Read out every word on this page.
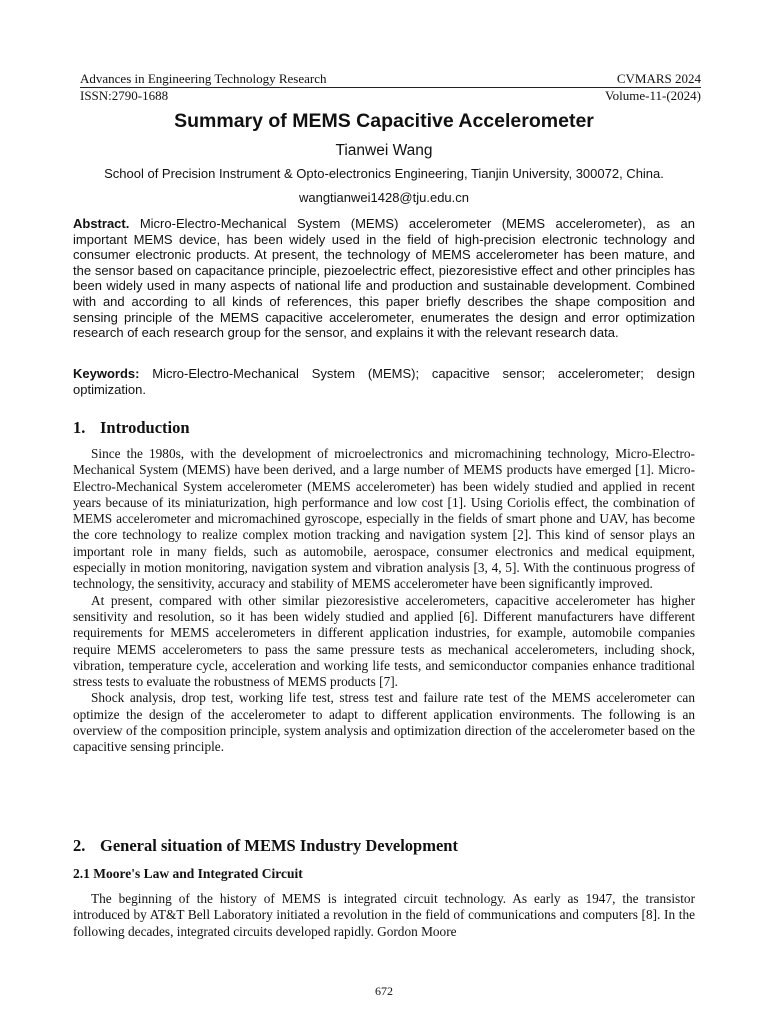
Advances in Engineering Technology Research	CVMARS 2024
ISSN:2790-1688	Volume-11-(2024)
Summary of MEMS Capacitive Accelerometer
Tianwei Wang
School of Precision Instrument & Opto-electronics Engineering, Tianjin University, 300072, China.
wangtianwei1428@tju.edu.cn

Abstract. Micro-Electro-Mechanical System (MEMS) accelerometer (MEMS accelerometer), as an important MEMS device, has been widely used in the field of high-precision electronic technology and consumer electronic products. At present, the technology of MEMS accelerometer has been mature, and the sensor based on capacitance principle, piezoelectric effect, piezoresistive effect and other principles has been widely used in many aspects of national life and production and sustainable development. Combined with and according to all kinds of references, this paper briefly describes the shape composition and sensing principle of the MEMS capacitive accelerometer, enumerates the design and error optimization research of each research group for the sensor, and explains it with the relevant research data.

Keywords: Micro-Electro-Mechanical System (MEMS); capacitive sensor; accelerometer; design optimization.

1. Introduction

Since the 1980s, with the development of microelectronics and micromachining technology, Micro-Electro-Mechanical System (MEMS) have been derived, and a large number of MEMS products have emerged [1]. Micro-Electro-Mechanical System accelerometer (MEMS accelerometer) has been widely studied and applied in recent years because of its miniaturization, high performance and low cost [1]. Using Coriolis effect, the combination of MEMS accelerometer and micromachined gyroscope, especially in the fields of smart phone and UAV, has become the core technology to realize complex motion tracking and navigation system [2]. This kind of sensor plays an important role in many fields, such as automobile, aerospace, consumer electronics and medical equipment, especially in motion monitoring, navigation system and vibration analysis [3, 4, 5]. With the continuous progress of technology, the sensitivity, accuracy and stability of MEMS accelerometer have been significantly improved.

At present, compared with other similar piezoresistive accelerometers, capacitive accelerometer has higher sensitivity and resolution, so it has been widely studied and applied [6]. Different manufacturers have different requirements for MEMS accelerometers in different application industries, for example, automobile companies require MEMS accelerometers to pass the same pressure tests as mechanical accelerometers, including shock, vibration, temperature cycle, acceleration and working life tests, and semiconductor companies enhance traditional stress tests to evaluate the robustness of MEMS products [7].

Shock analysis, drop test, working life test, stress test and failure rate test of the MEMS accelerometer can optimize the design of the accelerometer to adapt to different application environments. The following is an overview of the composition principle, system analysis and optimization direction of the accelerometer based on the capacitive sensing principle.

2. General situation of MEMS Industry Development
2.1 Moore's Law and Integrated Circuit

The beginning of the history of MEMS is integrated circuit technology. As early as 1947, the transistor introduced by AT&T Bell Laboratory initiated a revolution in the field of communications and computers [8]. In the following decades, integrated circuits developed rapidly. Gordon Moore

672
